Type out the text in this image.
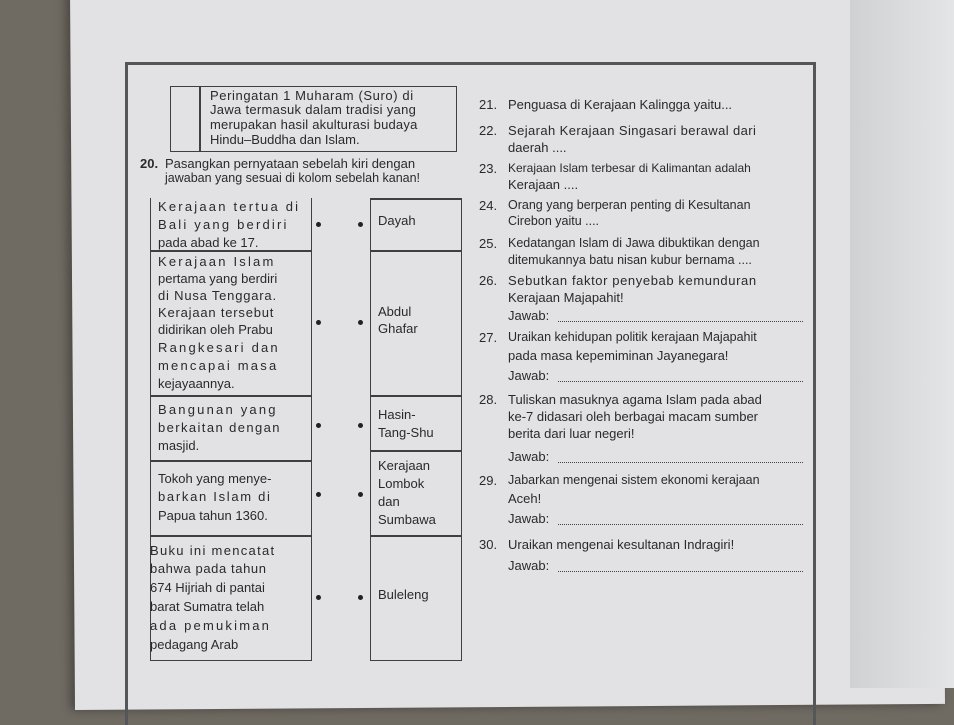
Peringatan 1 Muharam (Suro) di
Jawa termasuk dalam tradisi yang
merupakan hasil akulturasi budaya
Hindu–Buddha dan Islam.
20. Pasangkan pernyataan sebelah kiri dengan
jawaban yang sesuai di kolom sebelah kanan!
Kerajaan tertua di
Bali yang berdiri
pada abad ke 17.
Kerajaan Islam
pertama yang berdiri
di Nusa Tenggara.
Kerajaan tersebut
didirikan oleh Prabu
Rangkesari dan
mencapai masa
kejayaannya.
Bangunan yang
berkaitan dengan
masjid.
Tokoh yang menye-
barkan Islam di
Papua tahun 1360.
Buku ini mencatat
bahwa pada tahun
674 Hijriah di pantai
barat Sumatra telah
ada pemukiman
pedagang Arab
Dayah
Abdul
Ghafar
Hasin-
Tang-Shu
Kerajaan
Lombok
dan
Sumbawa
Buleleng
21. Penguasa di Kerajaan Kalingga yaitu...
22. Sejarah Kerajaan Singasari berawal dari
daerah ....
23. Kerajaan Islam terbesar di Kalimantan adalah
Kerajaan ....
24. Orang yang berperan penting di Kesultanan
Cirebon yaitu ....
25. Kedatangan Islam di Jawa dibuktikan dengan
ditemukannya batu nisan kubur bernama ....
26. Sebutkan faktor penyebab kemunduran
Kerajaan Majapahit!
Jawab:
27. Uraikan kehidupan politik kerajaan Majapahit
pada masa kepemiminan Jayanegara!
Jawab:
28. Tuliskan masuknya agama Islam pada abad
ke-7 didasari oleh berbagai macam sumber
berita dari luar negeri!
Jawab:
29. Jabarkan mengenai sistem ekonomi kerajaan
Aceh!
Jawab:
30. Uraikan mengenai kesultanan Indragiri!
Jawab:
